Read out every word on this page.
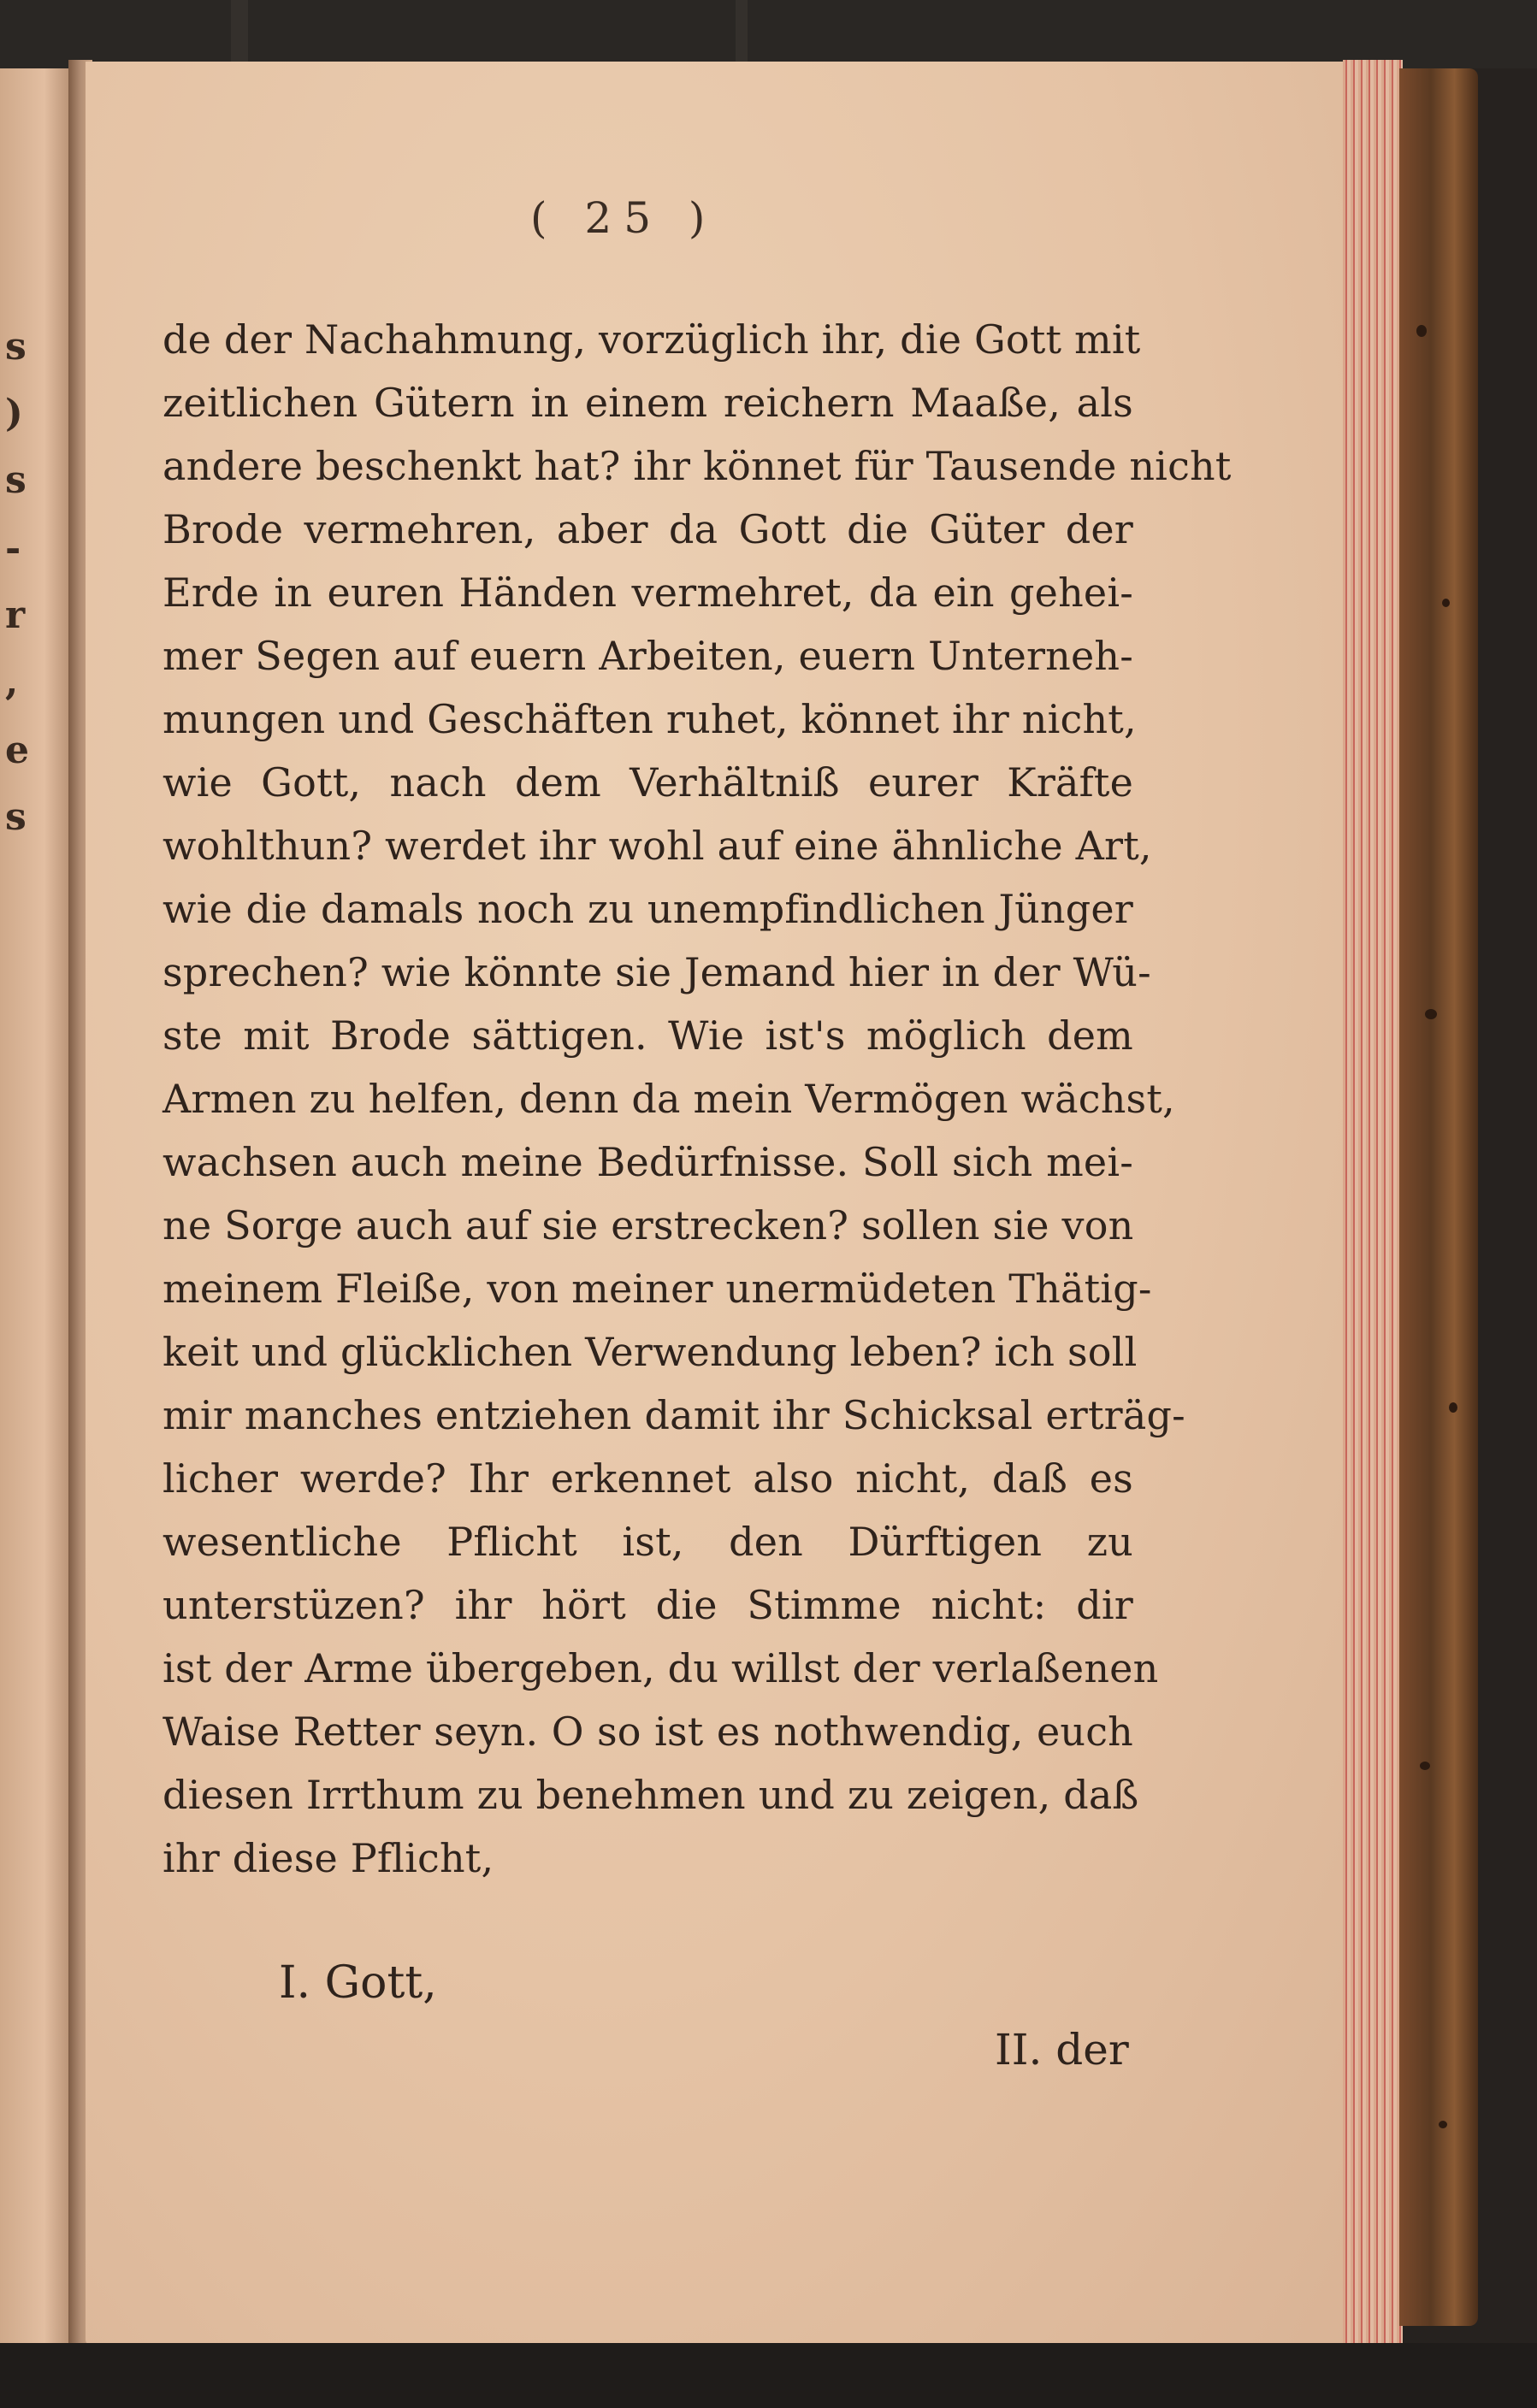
s
)
s
-
r
,
e
s
( 25 )
de der Nachahmung, vorzüglich ihr, die Gott mit
zeitlichen Gütern in einem reichern Maaße, als
andere beschenkt hat? ihr könnet für Tausende nicht
Brode vermehren, aber da Gott die Güter der
Erde in euren Händen vermehret, da ein gehei-
mer Segen auf euern Arbeiten, euern Unterneh-
mungen und Geschäften ruhet, könnet ihr nicht,
wie Gott, nach dem Verhältniß eurer Kräfte
wohlthun? werdet ihr wohl auf eine ähnliche Art,
wie die damals noch zu unempfindlichen Jünger
sprechen? wie könnte sie Jemand hier in der Wü-
ste mit Brode sättigen. Wie ist's möglich dem
Armen zu helfen, denn da mein Vermögen wächst,
wachsen auch meine Bedürfnisse. Soll sich mei-
ne Sorge auch auf sie erstrecken? sollen sie von
meinem Fleiße, von meiner unermüdeten Thätig-
keit und glücklichen Verwendung leben? ich soll
mir manches entziehen damit ihr Schicksal erträg-
licher werde? Ihr erkennet also nicht, daß es
wesentliche Pflicht ist, den Dürftigen zu
unterstüzen? ihr hört die Stimme nicht: dir
ist der Arme übergeben, du willst der verlaßenen
Waise Retter seyn. O so ist es nothwendig, euch
diesen Irrthum zu benehmen und zu zeigen, daß
ihr diese Pflicht,
I. Gott,
II. der
